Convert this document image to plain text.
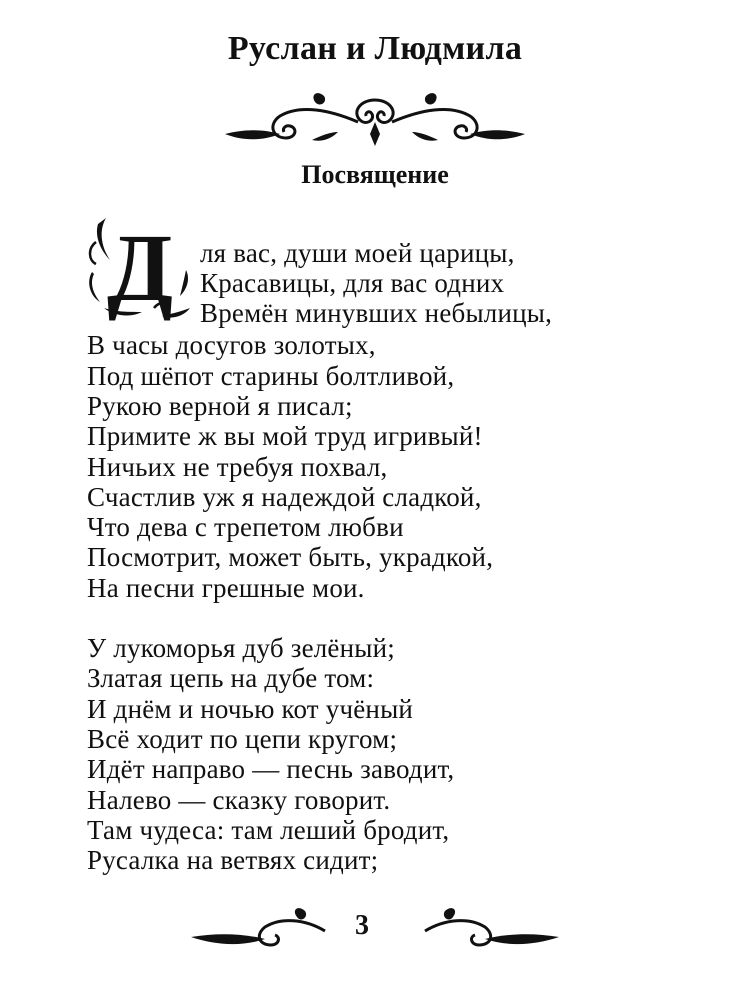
Руслан и Людмила
Посвящение
Д ля вас, души моей царицы,
Красавицы, для вас одних
Времён минувших небылицы,
В часы досугов золотых,
Под шёпот старины болтливой,
Рукою верной я писал;
Примите ж вы мой труд игривый!
Ничьих не требуя похвал,
Счастлив уж я надеждой сладкой,
Что дева с трепетом любви
Посмотрит, может быть, украдкой,
На песни грешные мои.
У лукоморья дуб зелёный;
Златая цепь на дубе том:
И днём и ночью кот учёный
Всё ходит по цепи кругом;
Идёт направо — песнь заводит,
Налево — сказку говорит.
Там чудеса: там леший бродит,
Русалка на ветвях сидит;
3
